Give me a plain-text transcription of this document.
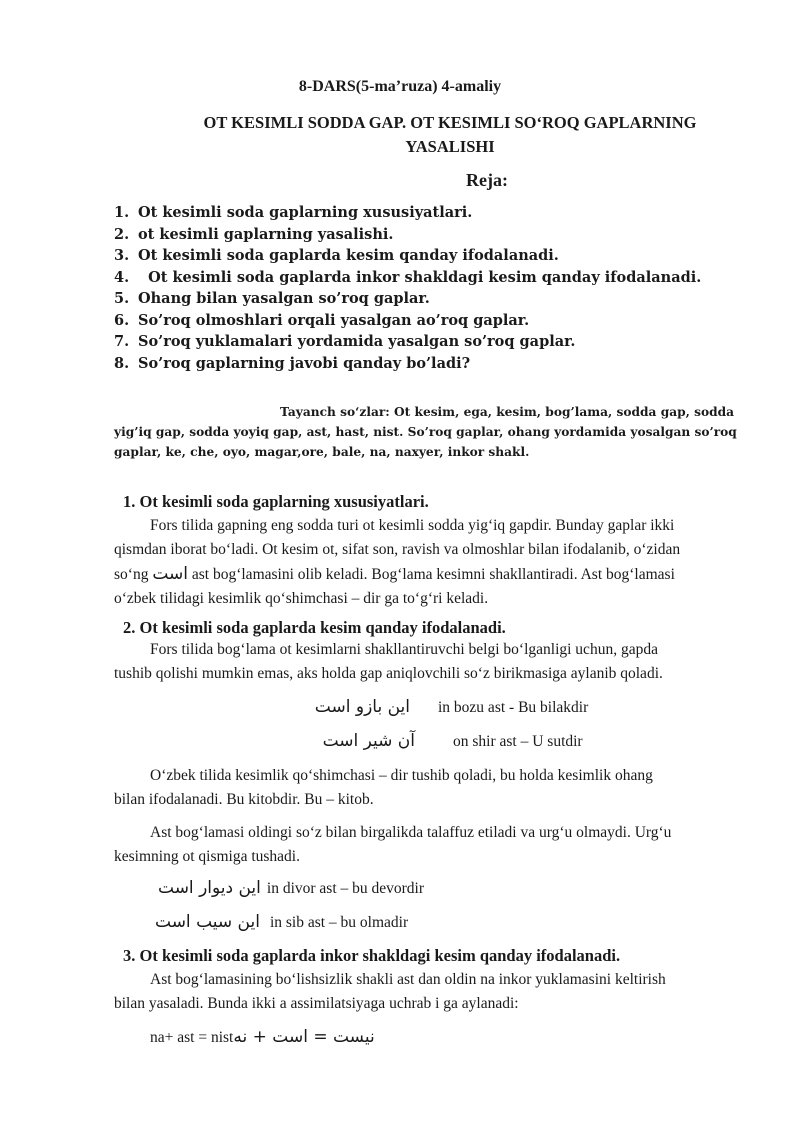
8-DARS(5-ma’ruza) 4-amaliy
OT KESIMLI SODDA GAP. OT KESIMLI SO‘ROQ GAPLARNING
YASALISHI
Reja:
1. Ot kesimli soda gaplarning xususiyatlari.
2. ot kesimli gaplarning yasalishi.
3. Ot kesimli soda gaplarda kesim qanday ifodalanadi.
4.  Ot kesimli soda gaplarda inkor shakldagi kesim qanday ifodalanadi.
5. Ohang bilan yasalgan so’roq gaplar.
6. So’roq olmoshlari orqali yasalgan ao’roq gaplar.
7. So’roq yuklamalari yordamida yasalgan so’roq gaplar.
8. So’roq gaplarning javobi qanday bo’ladi?
Tayanch so‘zlar: Ot kesim, ega, kesim, bog’lama, sodda gap, sodda
yig’iq gap, sodda yoyiq gap, ast, hast, nist. So’roq gaplar, ohang yordamida yosalgan so’roq
gaplar, ke, che, oyo, magar,ore, bale, na, naxyer, inkor shakl.
1. Ot kesimli soda gaplarning xususiyatlari.
Fors tilida gapning eng sodda turi ot kesimli sodda yig‘iq gapdir. Bunday gaplar ikki
qismdan iborat bo‘ladi. Ot kesim ot, sifat son, ravish va olmoshlar bilan ifodalanib, o‘zidan
so‘ng است ast bog‘lamasini olib keladi. Bog‘lama kesimni shakllantiradi. Ast bog‘lamasi
o‘zbek tilidagi kesimlik qo‘shimchasi – dir ga to‘g‘ri keladi.
2. Ot kesimli soda gaplarda kesim qanday ifodalanadi.
Fors tilida bog‘lama ot kesimlarni shakllantiruvchi belgi bo‘lganligi uchun, gapda
tushib qolishi mumkin emas, aks holda gap aniqlovchili so‘z birikmasiga aylanib qoladi.
این بازو است in bozu ast - Bu bilakdir
آن شیر است on shir ast – U sutdir
O‘zbek tilida kesimlik qo‘shimchasi – dir tushib qoladi, bu holda kesimlik ohang
bilan ifodalanadi. Bu kitobdir. Bu – kitob.
Ast bog‘lamasi oldingi so‘z bilan birgalikda talaffuz etiladi va urg‘u olmaydi. Urg‘u
kesimning ot qismiga tushadi.
این دیوار است in divor ast – bu devordir
این سیب است in sib ast – bu olmadir
3. Ot kesimli soda gaplarda inkor shakldagi kesim qanday ifodalanadi.
Ast bog‘lamasining bo‘lishsizlik shakli ast dan oldin na inkor yuklamasini keltirish
bilan yasaladi. Bunda ikki a assimilatsiyaga uchrab i ga aylanadi:
na+ ast = nistنیست = است + نه
